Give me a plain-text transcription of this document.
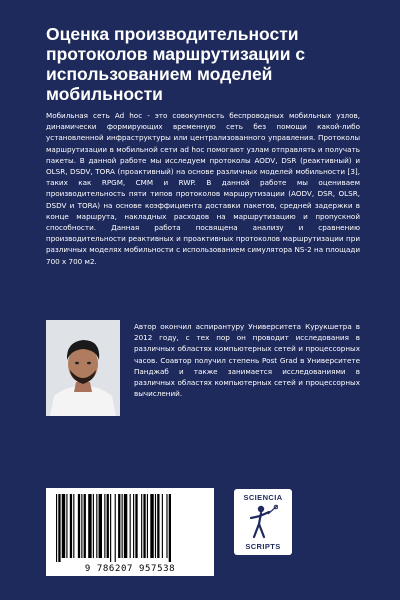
Оценка производительности протоколов маршрутизации с использованием моделей мобильности

Мобильная сеть Ad hoc - это совокупность беспроводных мобильных узлов, динамически формирующих временную сеть без помощи какой-либо установленной инфраструктуры или централизованного управления. Протоколы маршрутизации в мобильной сети ad hoc помогают узлам отправлять и получать пакеты. В данной работе мы исследуем протоколы AODV, DSR (реактивный) и OLSR, DSDV, TORA (проактивный) на основе различных моделей мобильности [3], таких как RPGM, CMM и RWP. В данной работе мы оцениваем производительность пяти типов протоколов маршрутизации (AODV, DSR, OLSR, DSDV и TORA) на основе коэффициента доставки пакетов, средней задержки в конце маршрута, накладных расходов на маршрутизацию и пропускной способности. Данная работа посвящена анализу и сравнению производительности реактивных и проактивных протоколов маршрутизации при различных моделях мобильности с использованием симулятора NS-2 на площади 700 x 700 м2.

Автор окончил аспирантуру Университета Курукшетра в 2012 году, с тех пор он проводит исследования в различных областях компьютерных сетей и процессорных часов. Соавтор получил степень Post Grad в Университете Панджаб и также занимается исследованиями в различных областях компьютерных сетей и процессорных вычислений.

9 786207 957538
SCIENCIA
SCRIPTS
